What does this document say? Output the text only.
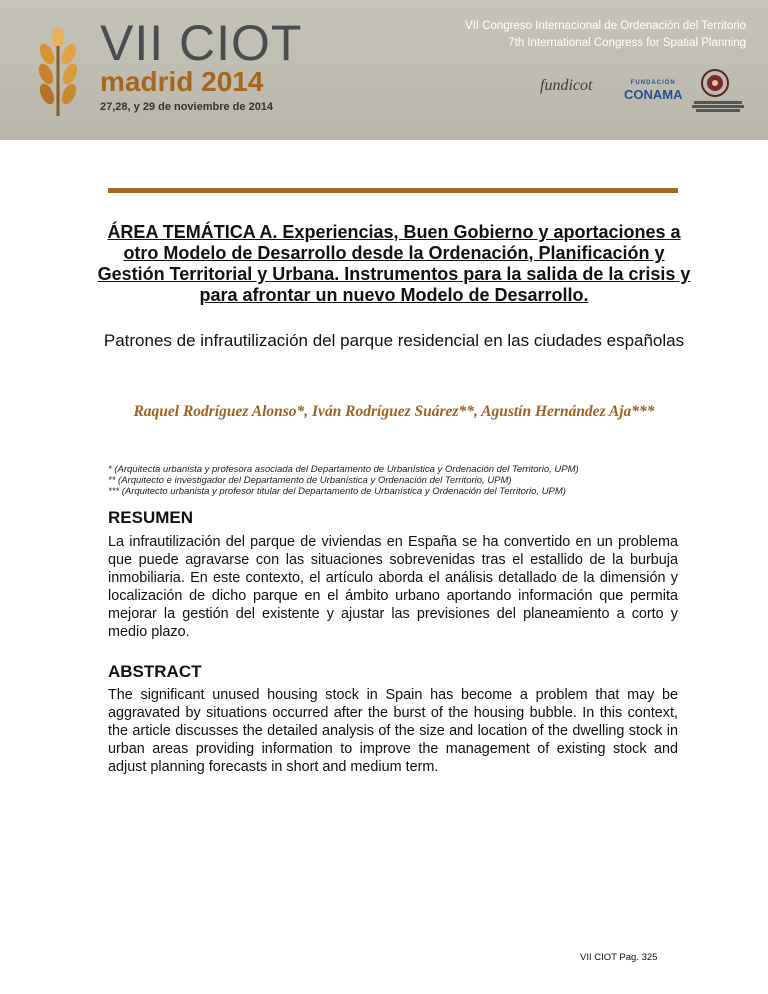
VII CIOT
madrid 2014
27,28, y 29 de noviembre de 2014
VII Congreso Internacional de Ordenación del Territorio
7th International Congress for Spatial Planning
fundicot	FUNDACIÓN
CONAMA
ÁREA TEMÁTICA A. Experiencias, Buen Gobierno y aportaciones a otro Modelo de Desarrollo desde la Ordenación, Planificación y Gestión Territorial y Urbana. Instrumentos para la salida de la crisis y para afrontar un nuevo Modelo de Desarrollo.
Patrones de infrautilización del parque residencial en las ciudades españolas
Raquel Rodríguez Alonso*, Iván Rodríguez Suárez**, Agustín Hernández Aja***

* (Arquitecta urbanista y profesora asociada del Departamento de Urbanística y Ordenación del Territorio, UPM)

** (Arquitecto e investigador del Departamento de Urbanística y Ordenación del Territorio, UPM)

*** (Arquitecto urbanista y profesor titular del Departamento de Urbanística y Ordenación del Territorio, UPM)

RESUMEN

La infrautilización del parque de viviendas en España se ha convertido en un problema que puede agravarse con las situaciones sobrevenidas tras el estallido de la burbuja inmobiliaria. En este contexto, el artículo aborda el análisis detallado de la dimensión y localización de dicho parque en el ámbito urbano aportando información que permita mejorar la gestión del existente y ajustar las previsiones del planeamiento a corto y medio plazo.

ABSTRACT

The significant unused housing stock in Spain has become a problem that may be aggravated by situations occurred after the burst of the housing bubble. In this context, the article discusses the detailed analysis of the size and location of the dwelling stock in urban areas providing information to improve the management of existing stock and adjust planning forecasts in short and medium term.

VII CIOT Pag. 325
